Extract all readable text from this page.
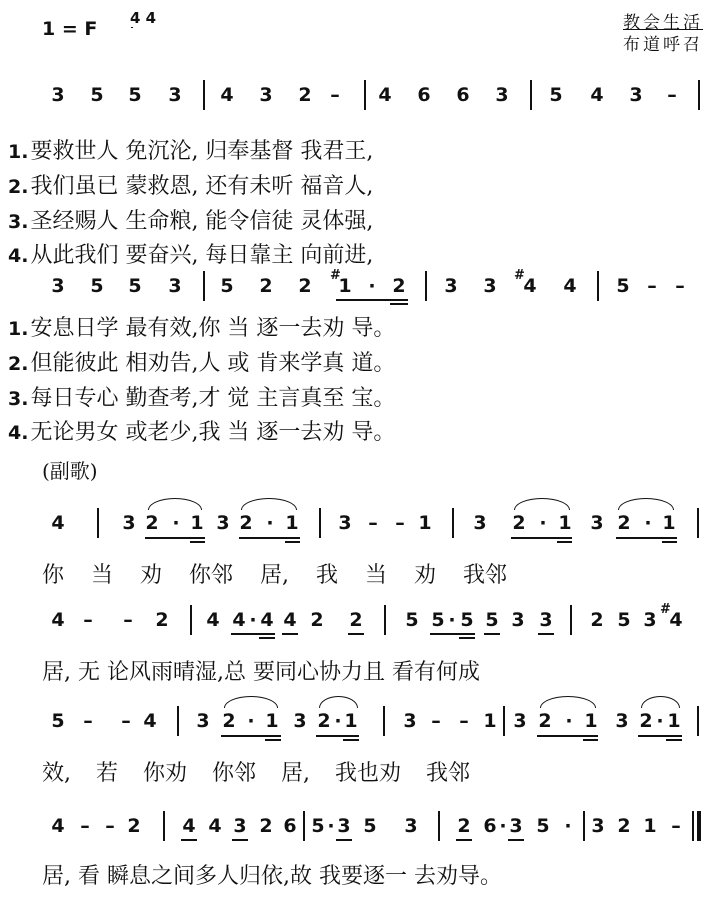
1 = F 4 4	教会生活
布道呼召
3 5 5 3 4 3 2 – 4 6 6 3 5 4 3 –
1.要救世人 免沉沦, 归奉基督 我君王,
2.我们虽已 蒙救恩, 还有未听 福音人,
3.圣经赐人 生命粮, 能令信徒 灵体强,
4.从此我们 要奋兴, 每日靠主 向前进,
3 5 5 3 5 2 2 #
1 · 2 3 3 #
4 4 5 – –
1.安息日学 最有效,你 当 逐一去劝 导。
2.但能彼此 相劝告,人 或 肯来学真 道。
3.每日专心 勤查考,才 觉 主言真至 宝。
4.无论男女 或老少,我 当 逐一去劝 导。
(副歌)
4	3 2 · 1 3 2 · 1 3 – – 1 3 2 · 1 3 2 · 1
你 当 劝 你邻 居, 我 当 劝 我邻
4 – – 2 4 4 · 4 4 2 2 5 5 · 5 5 3 3 2 5 3 #
4
居, 无 论风雨晴湿,总 要同心协力且 看有何成
5 – – 4 3 2 · 1 3 2 · 1 3 – – 1 3 2 · 1 3 2 · 1
效, 若 你劝 你邻 居, 我也劝 我邻
4 – – 2 4 4 3 2 6 5 · 3 5 3 2 6 · 3 5 · 3 2 1 –
居, 看 瞬息之间多人归依,故 我要逐一 去劝导。
